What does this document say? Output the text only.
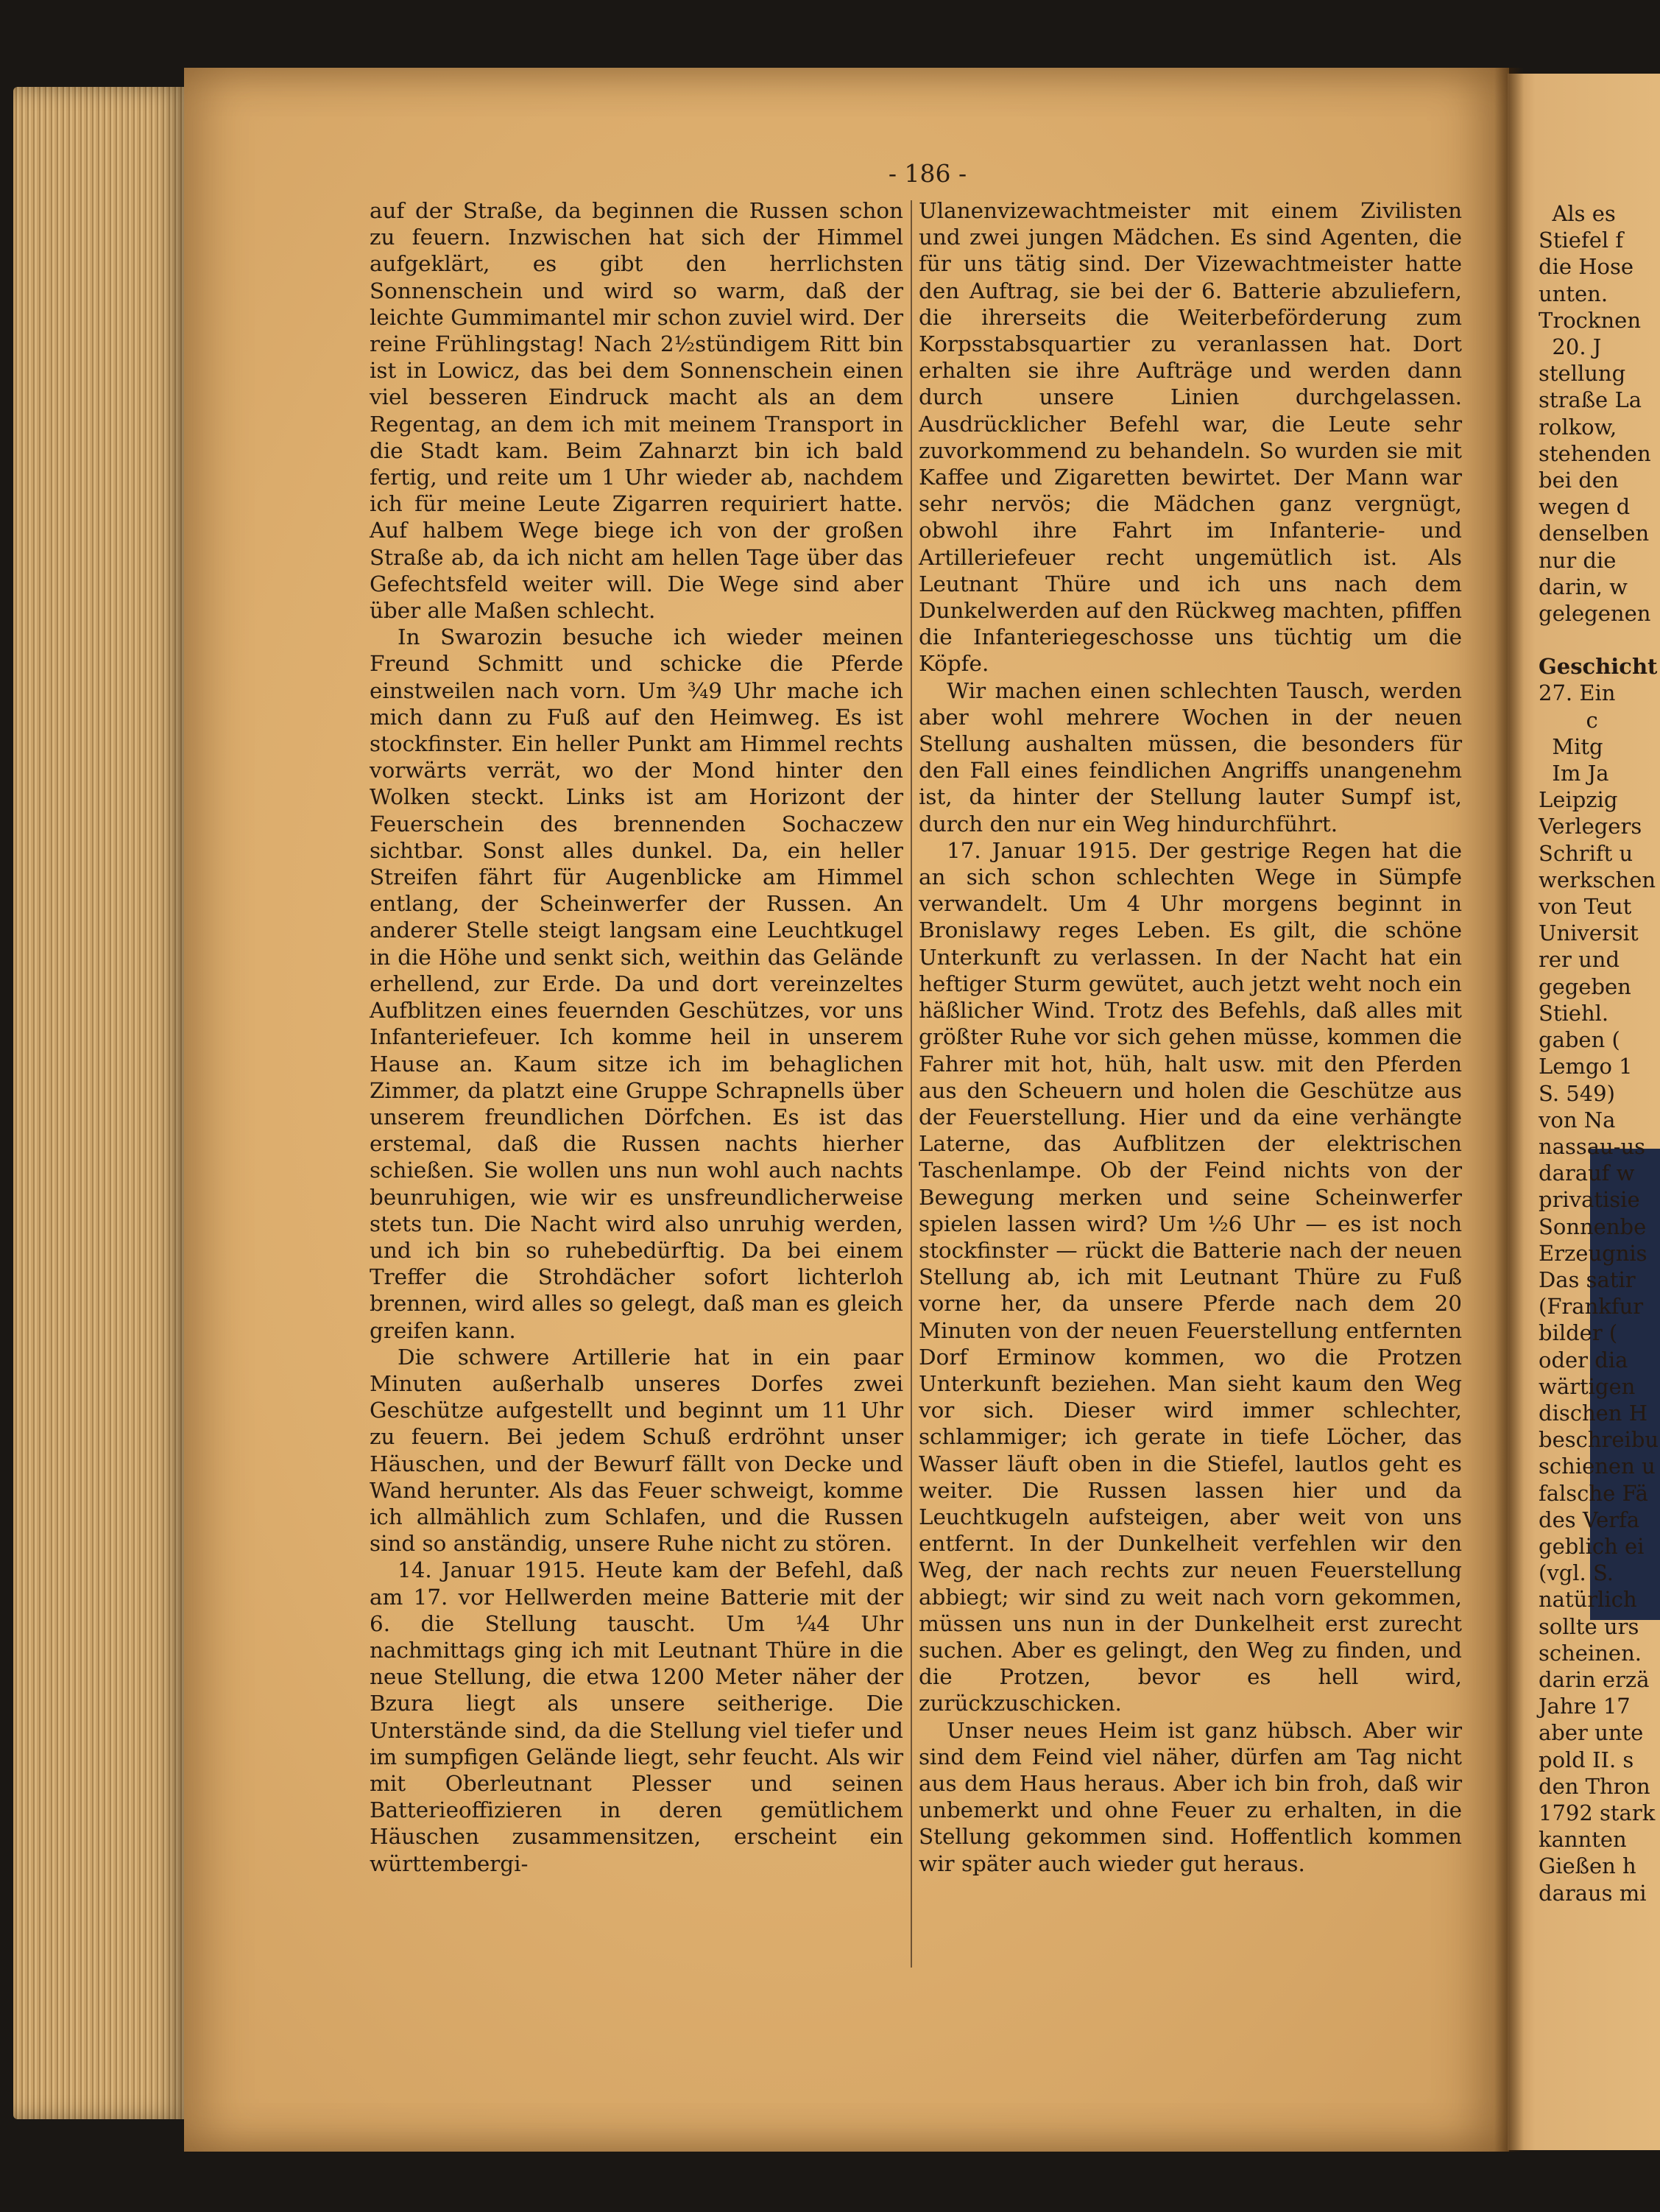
- 186 -

auf der Straße, da beginnen die Russen schon zu feuern. Inzwischen hat sich der Himmel aufgeklärt, es gibt den herrlichsten Sonnenschein und wird so warm, daß der leichte Gummimantel mir schon zuviel wird. Der reine Frühlingstag! Nach 2½stündigem Ritt bin ist in Lowicz, das bei dem Sonnenschein einen viel besseren Eindruck macht als an dem Regentag, an dem ich mit meinem Transport in die Stadt kam. Beim Zahnarzt bin ich bald fertig, und reite um 1 Uhr wieder ab, nachdem ich für meine Leute Zigarren requiriert hatte. Auf halbem Wege biege ich von der großen Straße ab, da ich nicht am hellen Tage über das Gefechtsfeld weiter will. Die Wege sind aber über alle Maßen schlecht.

In Swarozin besuche ich wieder meinen Freund Schmitt und schicke die Pferde einstweilen nach vorn. Um ¾9 Uhr mache ich mich dann zu Fuß auf den Heimweg. Es ist stockfinster. Ein heller Punkt am Himmel rechts vorwärts verrät, wo der Mond hinter den Wolken steckt. Links ist am Horizont der Feuerschein des brennenden Sochaczew sichtbar. Sonst alles dunkel. Da, ein heller Streifen fährt für Augenblicke am Himmel entlang, der Scheinwerfer der Russen. An anderer Stelle steigt langsam eine Leuchtkugel in die Höhe und senkt sich, weithin das Gelände erhellend, zur Erde. Da und dort vereinzeltes Aufblitzen eines feuernden Geschützes, vor uns Infanteriefeuer. Ich komme heil in unserem Hause an. Kaum sitze ich im behaglichen Zimmer, da platzt eine Gruppe Schrapnells über unserem freundlichen Dörfchen. Es ist das erstemal, daß die Russen nachts hierher schießen. Sie wollen uns nun wohl auch nachts beunruhigen, wie wir es unsfreundlicherweise stets tun. Die Nacht wird also unruhig werden, und ich bin so ruhebedürftig. Da bei einem Treffer die Strohdächer sofort lichterloh brennen, wird alles so gelegt, daß man es gleich greifen kann.

Die schwere Artillerie hat in ein paar Minuten außerhalb unseres Dorfes zwei Geschütze aufgestellt und beginnt um 11 Uhr zu feuern. Bei jedem Schuß erdröhnt unser Häuschen, und der Bewurf fällt von Decke und Wand herunter. Als das Feuer schweigt, komme ich allmählich zum Schlafen, und die Russen sind so anständig, unsere Ruhe nicht zu stören.

14. Januar 1915. Heute kam der Befehl, daß am 17. vor Hellwerden meine Batterie mit der 6. die Stellung tauscht. Um ¼4 Uhr nachmittags ging ich mit Leutnant Thüre in die neue Stellung, die etwa 1200 Meter näher der Bzura liegt als unsere seitherige. Die Unterstände sind, da die Stellung viel tiefer und im sumpfigen Gelände liegt, sehr feucht. Als wir mit Oberleutnant Plesser und seinen Batterieoffizieren in deren gemütlichem Häuschen zusammensitzen, erscheint ein württembergi-

Ulanenvizewachtmeister mit einem Zivilisten und zwei jungen Mädchen. Es sind Agenten, die für uns tätig sind. Der Vizewachtmeister hatte den Auftrag, sie bei der 6. Batterie abzuliefern, die ihrerseits die Weiterbeförderung zum Korpsstabsquartier zu veranlassen hat. Dort erhalten sie ihre Aufträge und werden dann durch unsere Linien durchgelassen. Ausdrücklicher Befehl war, die Leute sehr zuvorkommend zu behandeln. So wurden sie mit Kaffee und Zigaretten bewirtet. Der Mann war sehr nervös; die Mädchen ganz vergnügt, obwohl ihre Fahrt im Infanterie- und Artilleriefeuer recht ungemütlich ist. Als Leutnant Thüre und ich uns nach dem Dunkelwerden auf den Rückweg machten, pfiffen die Infanteriegeschosse uns tüchtig um die Köpfe.

Wir machen einen schlechten Tausch, werden aber wohl mehrere Wochen in der neuen Stellung aushalten müssen, die besonders für den Fall eines feindlichen Angriffs unangenehm ist, da hinter der Stellung lauter Sumpf ist, durch den nur ein Weg hindurchführt.

17. Januar 1915. Der gestrige Regen hat die an sich schon schlechten Wege in Sümpfe verwandelt. Um 4 Uhr morgens beginnt in Bronislawy reges Leben. Es gilt, die schöne Unterkunft zu verlassen. In der Nacht hat ein heftiger Sturm gewütet, auch jetzt weht noch ein häßlicher Wind. Trotz des Befehls, daß alles mit größter Ruhe vor sich gehen müsse, kommen die Fahrer mit hot, hüh, halt usw. mit den Pferden aus den Scheuern und holen die Geschütze aus der Feuerstellung. Hier und da eine verhängte Laterne, das Aufblitzen der elektrischen Taschenlampe. Ob der Feind nichts von der Bewegung merken und seine Scheinwerfer spielen lassen wird? Um ½6 Uhr — es ist noch stockfinster — rückt die Batterie nach der neuen Stellung ab, ich mit Leutnant Thüre zu Fuß vorne her, da unsere Pferde nach dem 20 Minuten von der neuen Feuerstellung entfernten Dorf Erminow kommen, wo die Protzen Unterkunft beziehen. Man sieht kaum den Weg vor sich. Dieser wird immer schlechter, schlammiger; ich gerate in tiefe Löcher, das Wasser läuft oben in die Stiefel, lautlos geht es weiter. Die Russen lassen hier und da Leuchtkugeln aufsteigen, aber weit von uns entfernt. In der Dunkelheit verfehlen wir den Weg, der nach rechts zur neuen Feuerstellung abbiegt; wir sind zu weit nach vorn gekommen, müssen uns nun in der Dunkelheit erst zurecht suchen. Aber es gelingt, den Weg zu finden, und die Protzen, bevor es hell wird, zurückzuschicken.

Unser neues Heim ist ganz hübsch. Aber wir sind dem Feind viel näher, dürfen am Tag nicht aus dem Haus heraus. Aber ich bin froh, daß wir unbemerkt und ohne Feuer zu erhalten, in die Stellung gekommen sind. Hoffentlich kommen wir später auch wieder gut heraus.

Als es
Stiefel f
die Hose
unten.
Trocknen
20. J
stellung
straße La
rolkow,
stehenden
bei den
wegen d
denselben
nur die
darin, w
gelegenen
Geschicht
27. Ein
c
Mitg
Im Ja
Leipzig
Verlegers
Schrift u
werkschen
von Teut
Universit
rer und
gegeben
Stiehl.
gaben (
Lemgo 1
S. 549)
von Na
nassau-us
darauf w
privatisie
Sonnenbe
Erzeugnis
Das satir
(Frankfur
bilder (
oder dia
wärtigen
dischen H
beschreibu
schienen u
falsche Fä
des Verfa
geblich ei
(vgl. S.
natürlich
sollte urs
scheinen.
darin erzä
Jahre 17
aber unte
pold II. s
den Thron
1792 stark
kannten
Gießen h
daraus mi
